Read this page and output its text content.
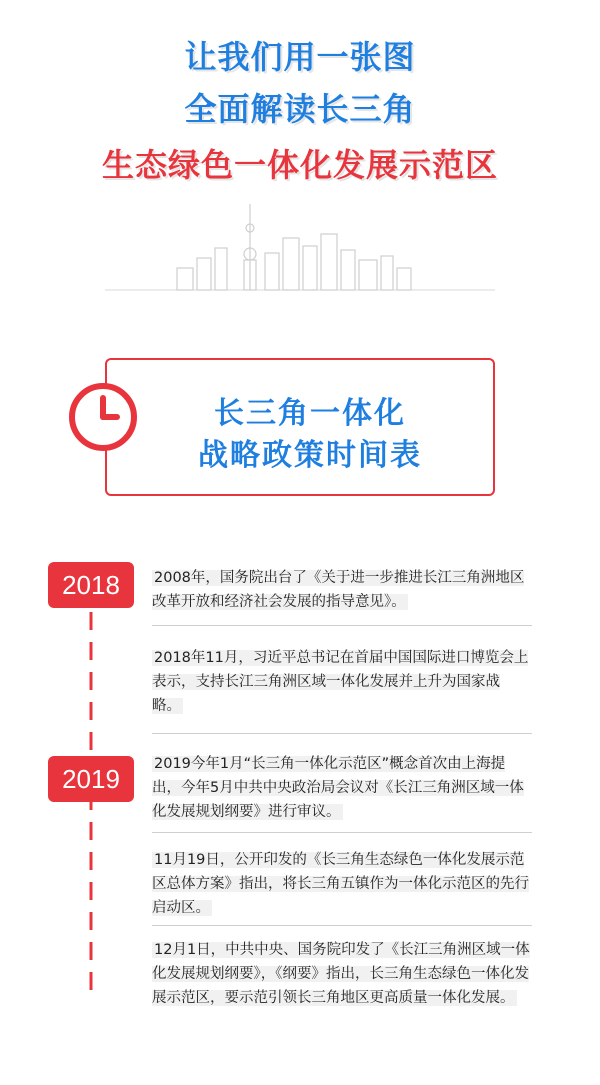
让我们用一张图
全面解读长三角
生态绿色一体化发展示范区
长三角一体化
战略政策时间表
2018
2019
2008年，国务院出台了《关于进一步推进长江三角洲地区改革开放和经济社会发展的指导意见》。
2018年11月，习近平总书记在首届中国国际进口博览会上表示，支持长江三角洲区域一体化发展并上升为国家战略。
2019今年1月“长三角一体化示范区”概念首次由上海提出，今年5月中共中央政治局会议对《长江三角洲区域一体化发展规划纲要》进行审议。
11月19日，公开印发的《长三角生态绿色一体化发展示范区总体方案》指出，将长三角五镇作为一体化示范区的先行启动区。
12月1日，中共中央、国务院印发了《长江三角洲区域一体化发展规划纲要》，《纲要》指出，长三角生态绿色一体化发展示范区，要示范引领长三角地区更高质量一体化发展。
